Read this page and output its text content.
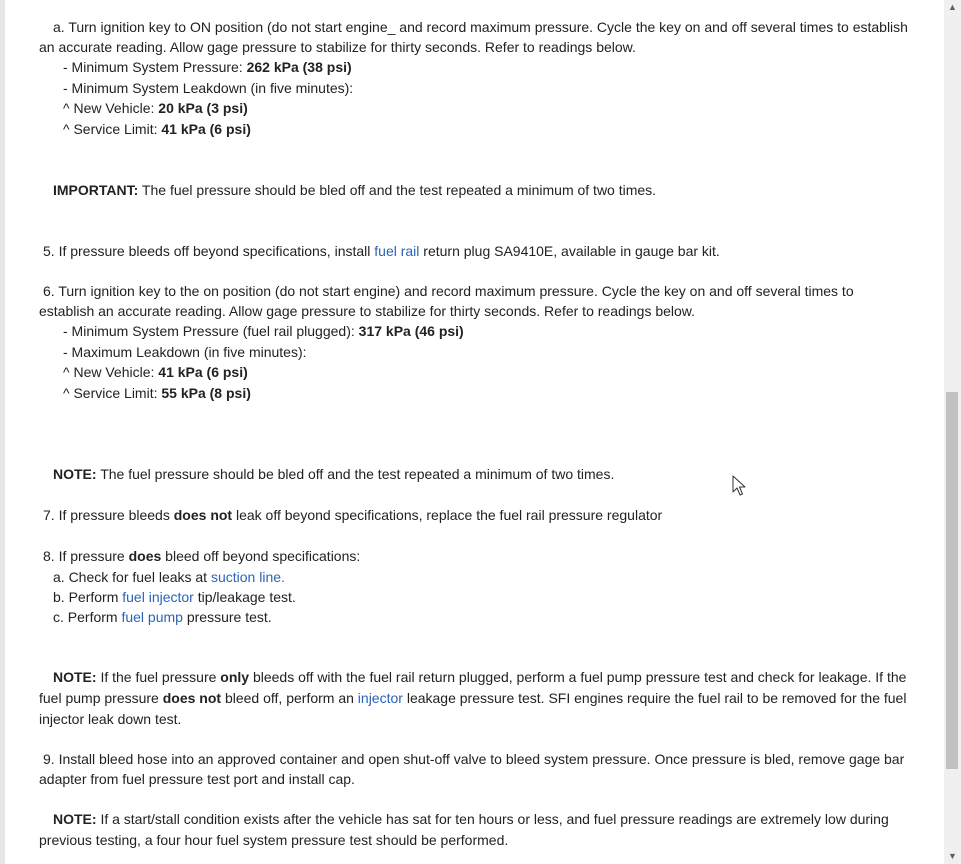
a. Turn ignition key to ON position (do not start engine_ and record maximum pressure. Cycle the key on and off several times to establish
an accurate reading. Allow gage pressure to stabilize for thirty seconds. Refer to readings below.
- Minimum System Pressure: 262 kPa (38 psi)
- Minimum System Leakdown (in five minutes):
^ New Vehicle: 20 kPa (3 psi)
^ Service Limit: 41 kPa (6 psi)
IMPORTANT: The fuel pressure should be bled off and the test repeated a minimum of two times.
5. If pressure bleeds off beyond specifications, install fuel rail return plug SA9410E, available in gauge bar kit.
6. Turn ignition key to the on position (do not start engine) and record maximum pressure. Cycle the key on and off several times to
establish an accurate reading. Allow gage pressure to stabilize for thirty seconds. Refer to readings below.
- Minimum System Pressure (fuel rail plugged): 317 kPa (46 psi)
- Maximum Leakdown (in five minutes):
^ New Vehicle: 41 kPa (6 psi)
^ Service Limit: 55 kPa (8 psi)
NOTE: The fuel pressure should be bled off and the test repeated a minimum of two times.
7. If pressure bleeds does not leak off beyond specifications, replace the fuel rail pressure regulator
8. If pressure does bleed off beyond specifications:
a. Check for fuel leaks at suction line.
b. Perform fuel injector tip/leakage test.
c. Perform fuel pump pressure test.
NOTE: If the fuel pressure only bleeds off with the fuel rail return plugged, perform a fuel pump pressure test and check for leakage. If the
fuel pump pressure does not bleed off, perform an injector leakage pressure test. SFI engines require the fuel rail to be removed for the fuel
injector leak down test.
9. Install bleed hose into an approved container and open shut-off valve to bleed system pressure. Once pressure is bled, remove gage bar
adapter from fuel pressure test port and install cap.
NOTE: If a start/stall condition exists after the vehicle has sat for ten hours or less, and fuel pressure readings are extremely low during
previous testing, a four hour fuel system pressure test should be performed.
▲
▼
